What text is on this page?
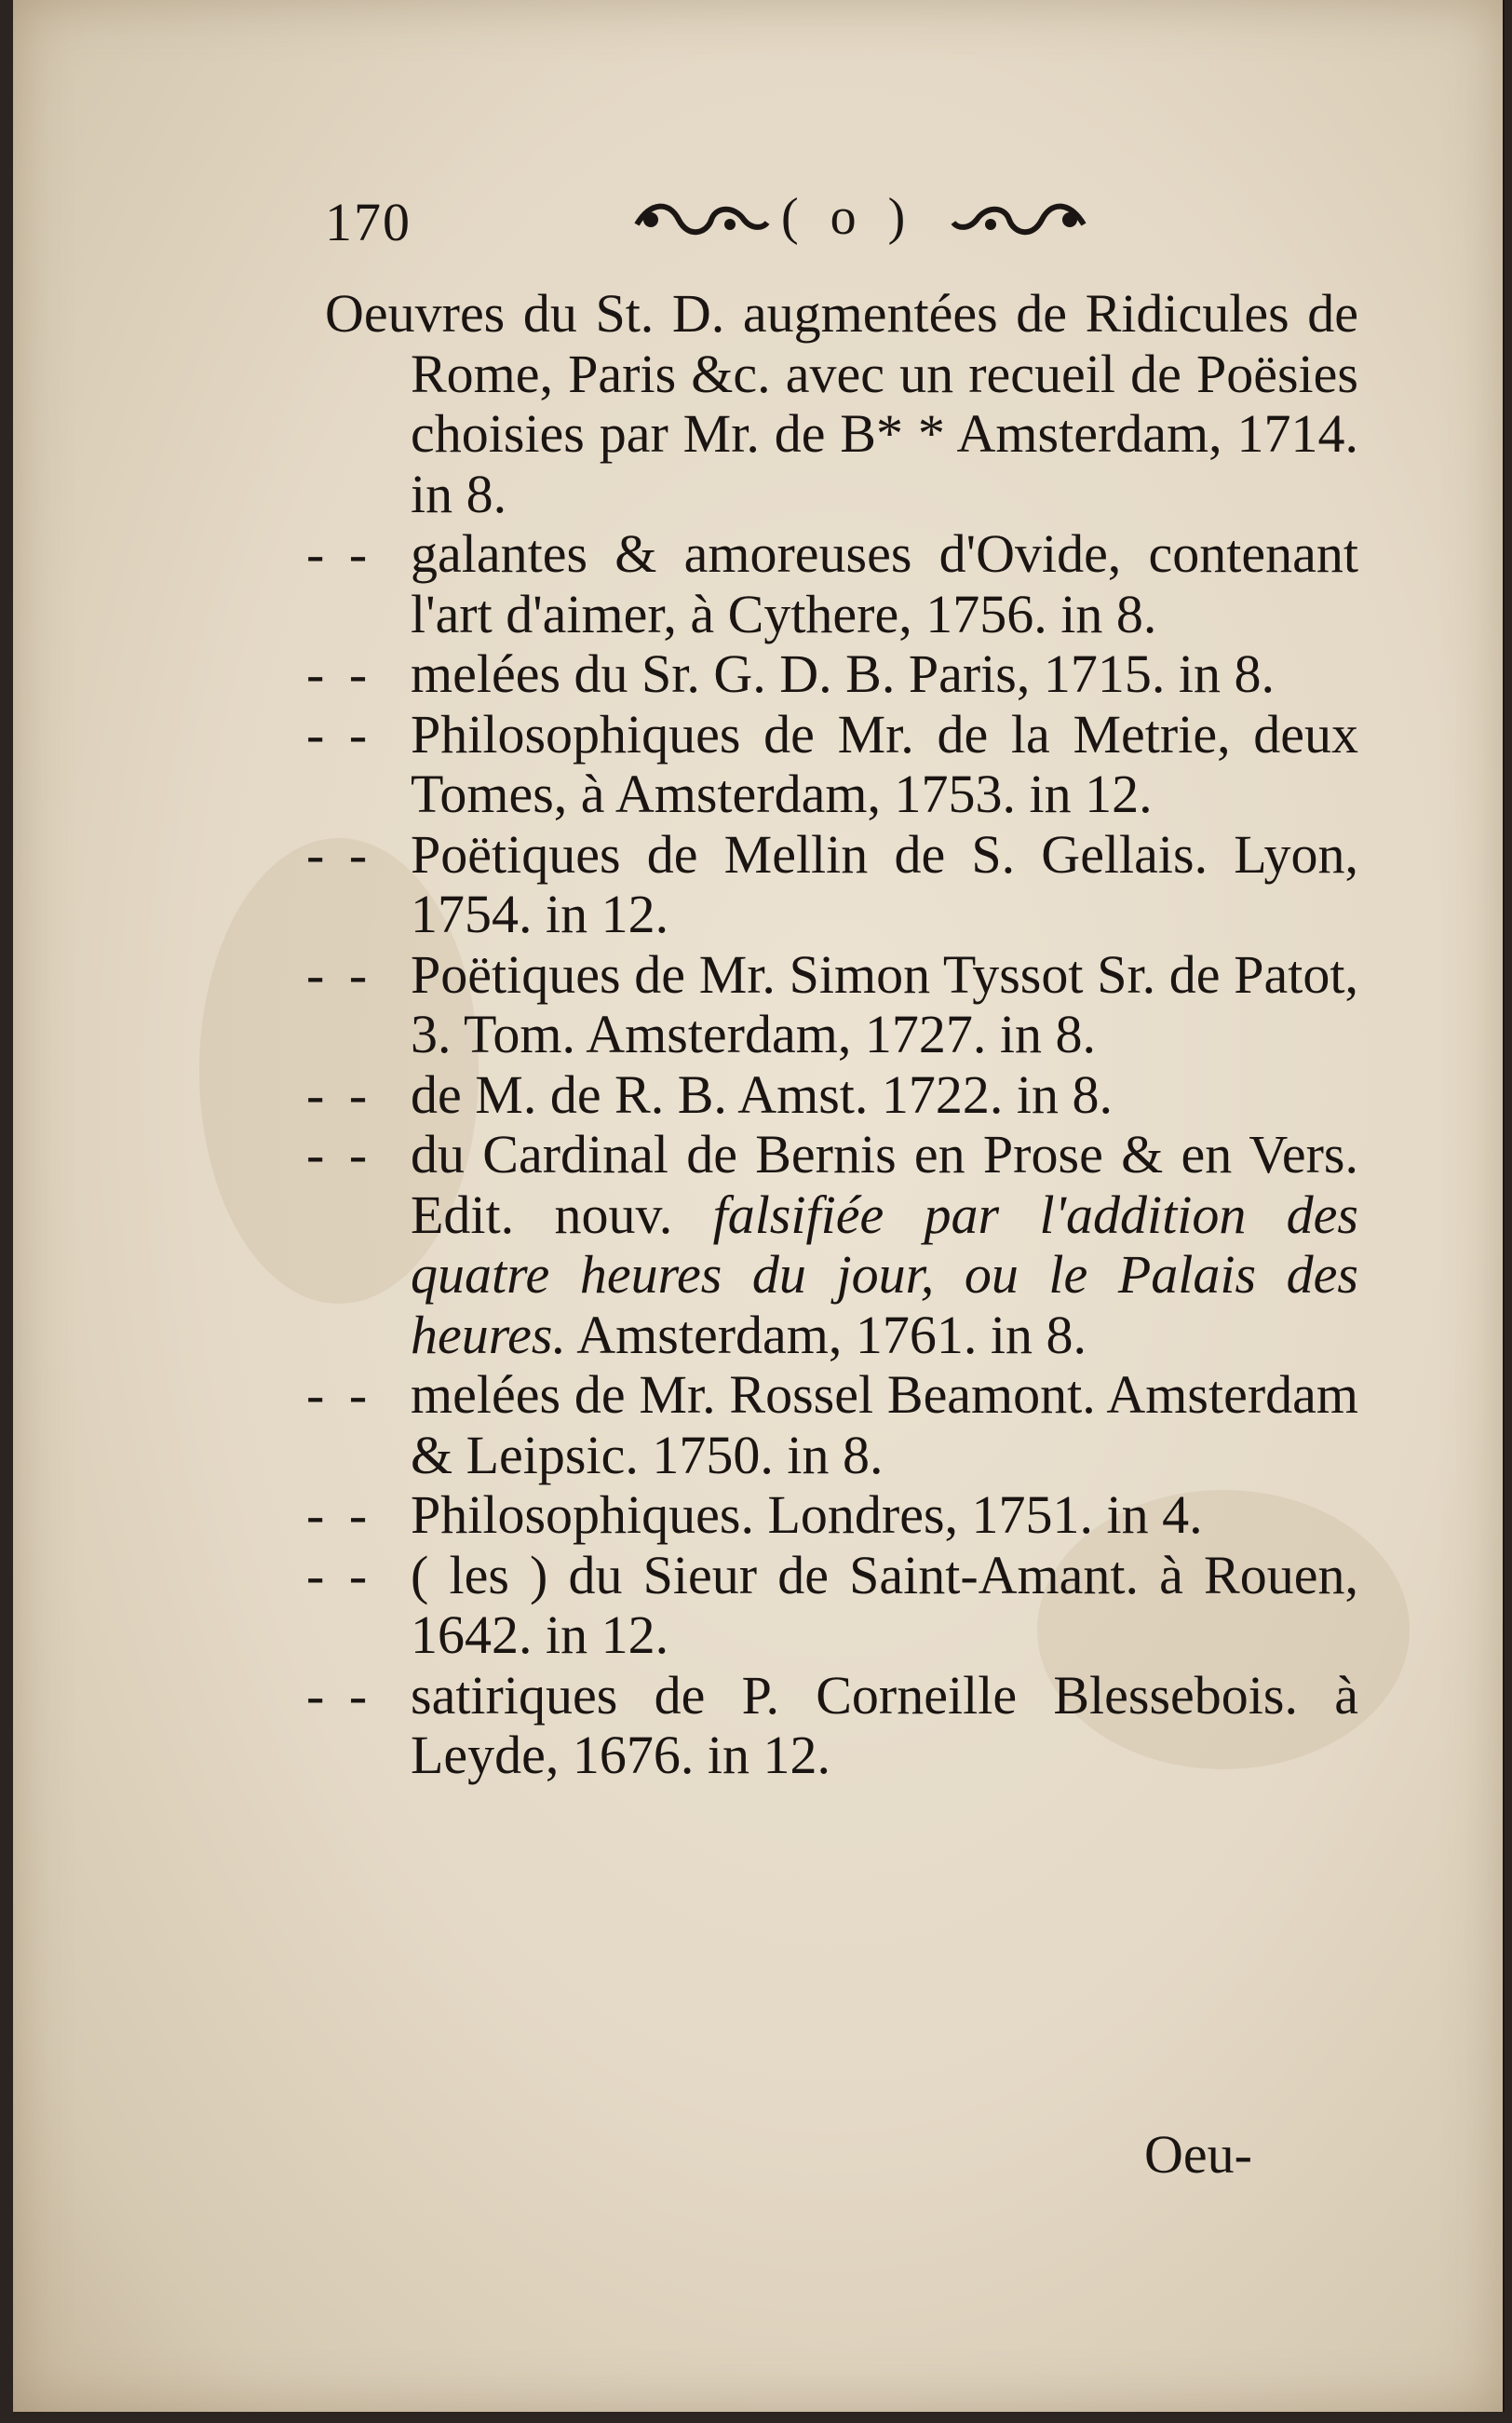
170	( o )
Oeuvres du St. D. augmentées de Ridicules de Rome, Paris &c. avec un recueil de Poësies choisies par Mr. de B* * Amsterdam, 1714. in 8.
- - galantes & amoreuses d'Ovide, contenant l'art d'aimer, à Cythere, 1756. in 8.
- - melées du Sr. G. D. B. Paris, 1715. in 8.
- - Philosophiques de Mr. de la Metrie, deux Tomes, à Amsterdam, 1753. in 12.
- - Poëtiques de Mellin de S. Gellais. Lyon, 1754. in 12.
- - Poëtiques de Mr. Simon Tyssot Sr. de Patot, 3. Tom. Amsterdam, 1727. in 8.
- - de M. de R. B. Amst. 1722. in 8.
- - du Cardinal de Bernis en Prose & en Vers. Edit. nouv. falsifiée par l'addition des quatre heures du jour, ou le Palais des heures. Amsterdam, 1761. in 8.
- - melées de Mr. Rossel Beamont. Amsterdam & Leipsic. 1750. in 8.
- - Philosophiques. Londres, 1751. in 4.
- - ( les ) du Sieur de Saint-Amant. à Rouen, 1642. in 12.
- - satiriques de P. Corneille Blessebois. à Leyde, 1676. in 12.
Oeu-
